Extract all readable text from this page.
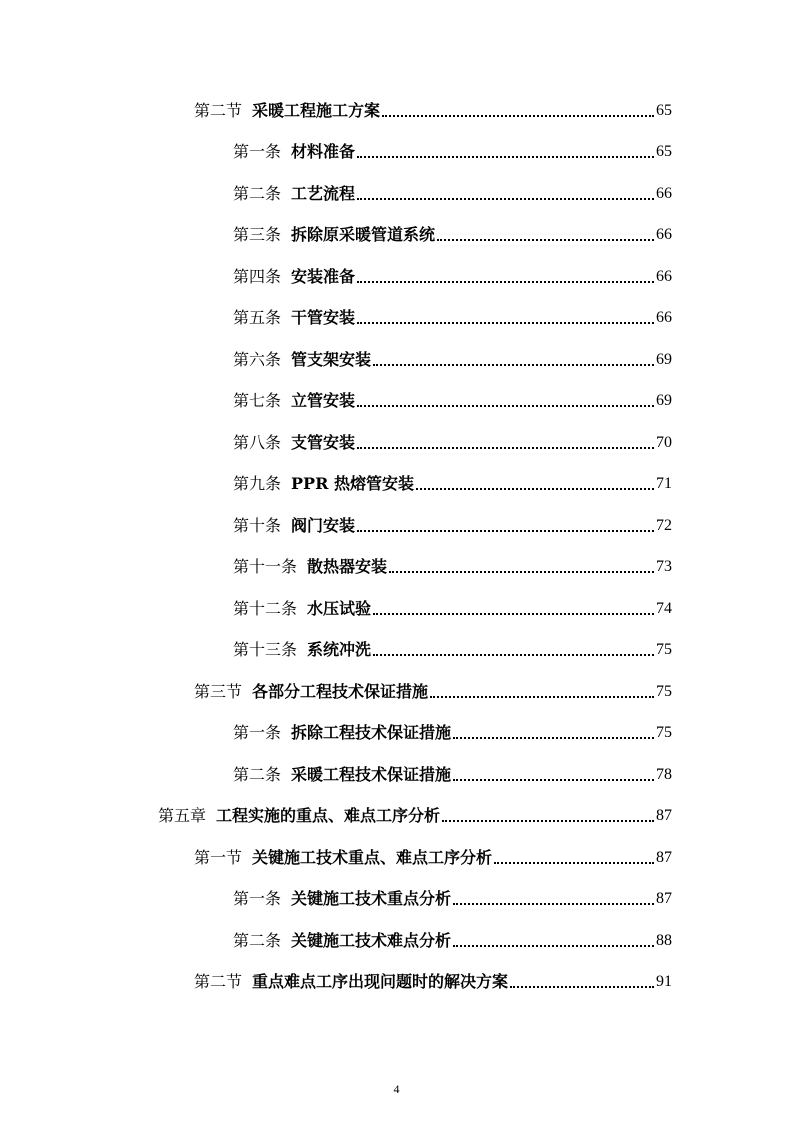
第二节 采暖工程施工方案	65
第一条 材料准备	65
第二条 工艺流程	66
第三条 拆除原采暖管道系统	66
第四条 安装准备	66
第五条 干管安装	66
第六条 管支架安装	69
第七条 立管安装	69
第八条 支管安装	70
第九条 PPR 热熔管安装	71
第十条 阀门安装	72
第十一条 散热器安装	73
第十二条 水压试验	74
第十三条 系统冲洗	75
第三节 各部分工程技术保证措施	75
第一条 拆除工程技术保证措施	75
第二条 采暖工程技术保证措施	78
第五章 工程实施的重点、难点工序分析	87
第一节 关键施工技术重点、难点工序分析	87
第一条 关键施工技术重点分析	87
第二条 关键施工技术难点分析	88
第二节 重点难点工序出现问题时的解决方案	91
4
